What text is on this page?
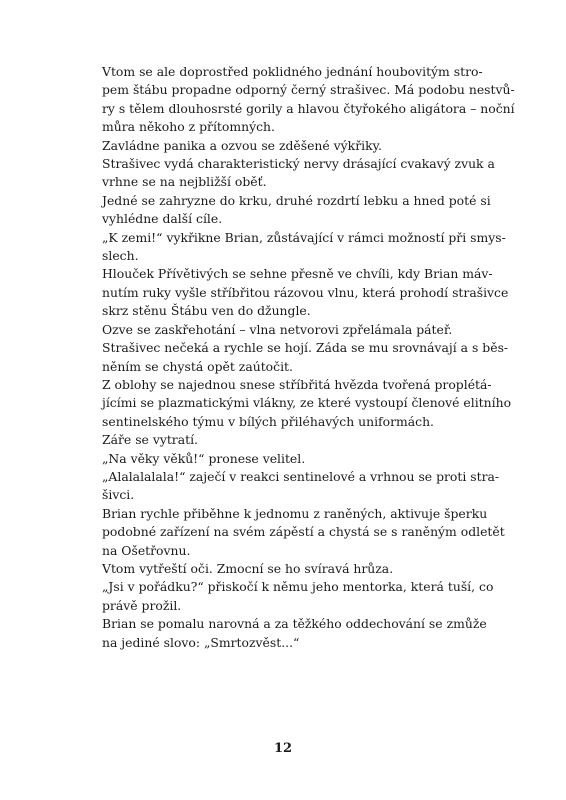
Vtom se ale doprostřed poklidného jednání houbovitým stro-
pem štábu propadne odporný černý strašivec. Má podobu nestvů-
ry s tělem dlouhosrsté gorily a hlavou čtyřokého aligátora – noční
můra někoho z přítomných.

Zavládne panika a ozvou se zděšené výkřiky.

Strašivec vydá charakteristický nervy drásající cvakavý zvuk a
vrhne se na nejbližší oběť.

Jedné se zahryzne do krku, druhé rozdrtí lebku a hned poté si
vyhlédne další cíle.

„K zemi!“ vykřikne Brian, zůstávající v rámci možností při smys-
slech.

Hlouček Přívětivých se sehne přesně ve chvíli, kdy Brian máv-
nutím ruky vyšle stříbřitou rázovou vlnu, která prohodí strašivce
skrz stěnu Štábu ven do džungle.

Ozve se zaskřehotání – vlna netvorovi zpřelámala páteř.

Strašivec nečeká a rychle se hojí. Záda se mu srovnávají a s běs-
něním se chystá opět zaútočit.

Z oblohy se najednou snese stříbřitá hvězda tvořená proplétá-
jícími se plazmatickými vlákny, ze které vystoupí členové elitního
sentinelského týmu v bílých přiléhavých uniformách.

Záře se vytratí.

„Na věky věků!“ pronese velitel.

„Alalalalala!“ zaječí v reakci sentinelové a vrhnou se proti stra-
šivci.

Brian rychle přiběhne k jednomu z raněných, aktivuje šperku
podobné zařízení na svém zápěstí a chystá se s raněným odletět
na Ošetřovnu.

Vtom vytřeští oči. Zmocní se ho svíravá hrůza.

„Jsi v pořádku?“ přiskočí k němu jeho mentorka, která tuší, co
právě prožil.

Brian se pomalu narovná a za těžkého oddechování se zmůže
na jediné slovo: „Smrtozvěst...“

12
